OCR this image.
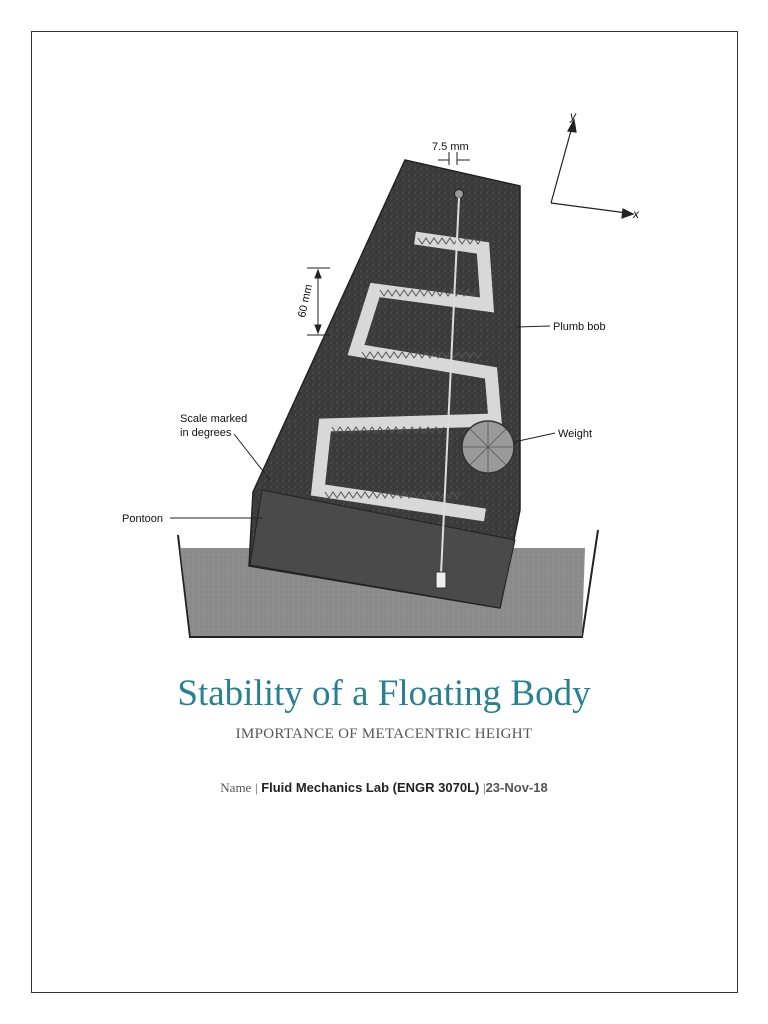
7.5 mm
60 mm
Plumb bob
Weight
Scale marked
in degrees
Pontoon
y
x
Stability of a Floating Body
IMPORTANCE OF METACENTRIC HEIGHT
Name | Fluid Mechanics Lab (ENGR 3070L) |23-Nov-18
